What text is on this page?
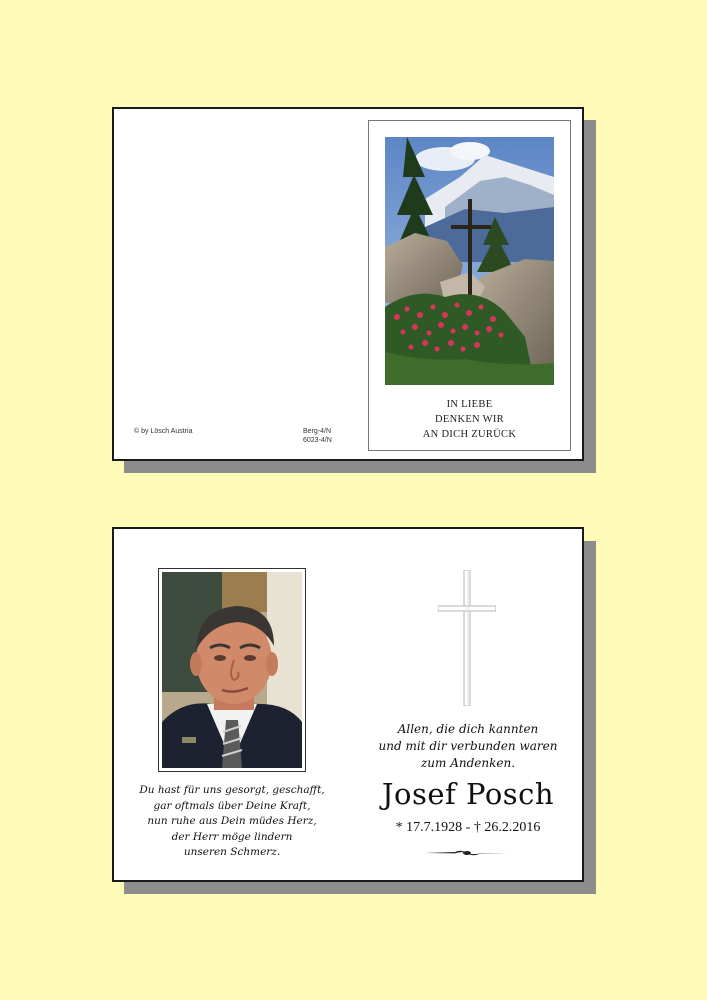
© by Lösch Austria	Berg-4/N
6023-4/N
IN LIEBE
DENKEN WIR
AN DICH ZURÜCK
Du hast für uns gesorgt, geschafft,
gar oftmals über Deine Kraft,
nun ruhe aus Dein müdes Herz,
der Herr möge lindern
unseren Schmerz.
Allen, die dich kannten
und mit dir verbunden waren
zum Andenken.
Josef Posch
* 17.7.1928 - † 26.2.2016
